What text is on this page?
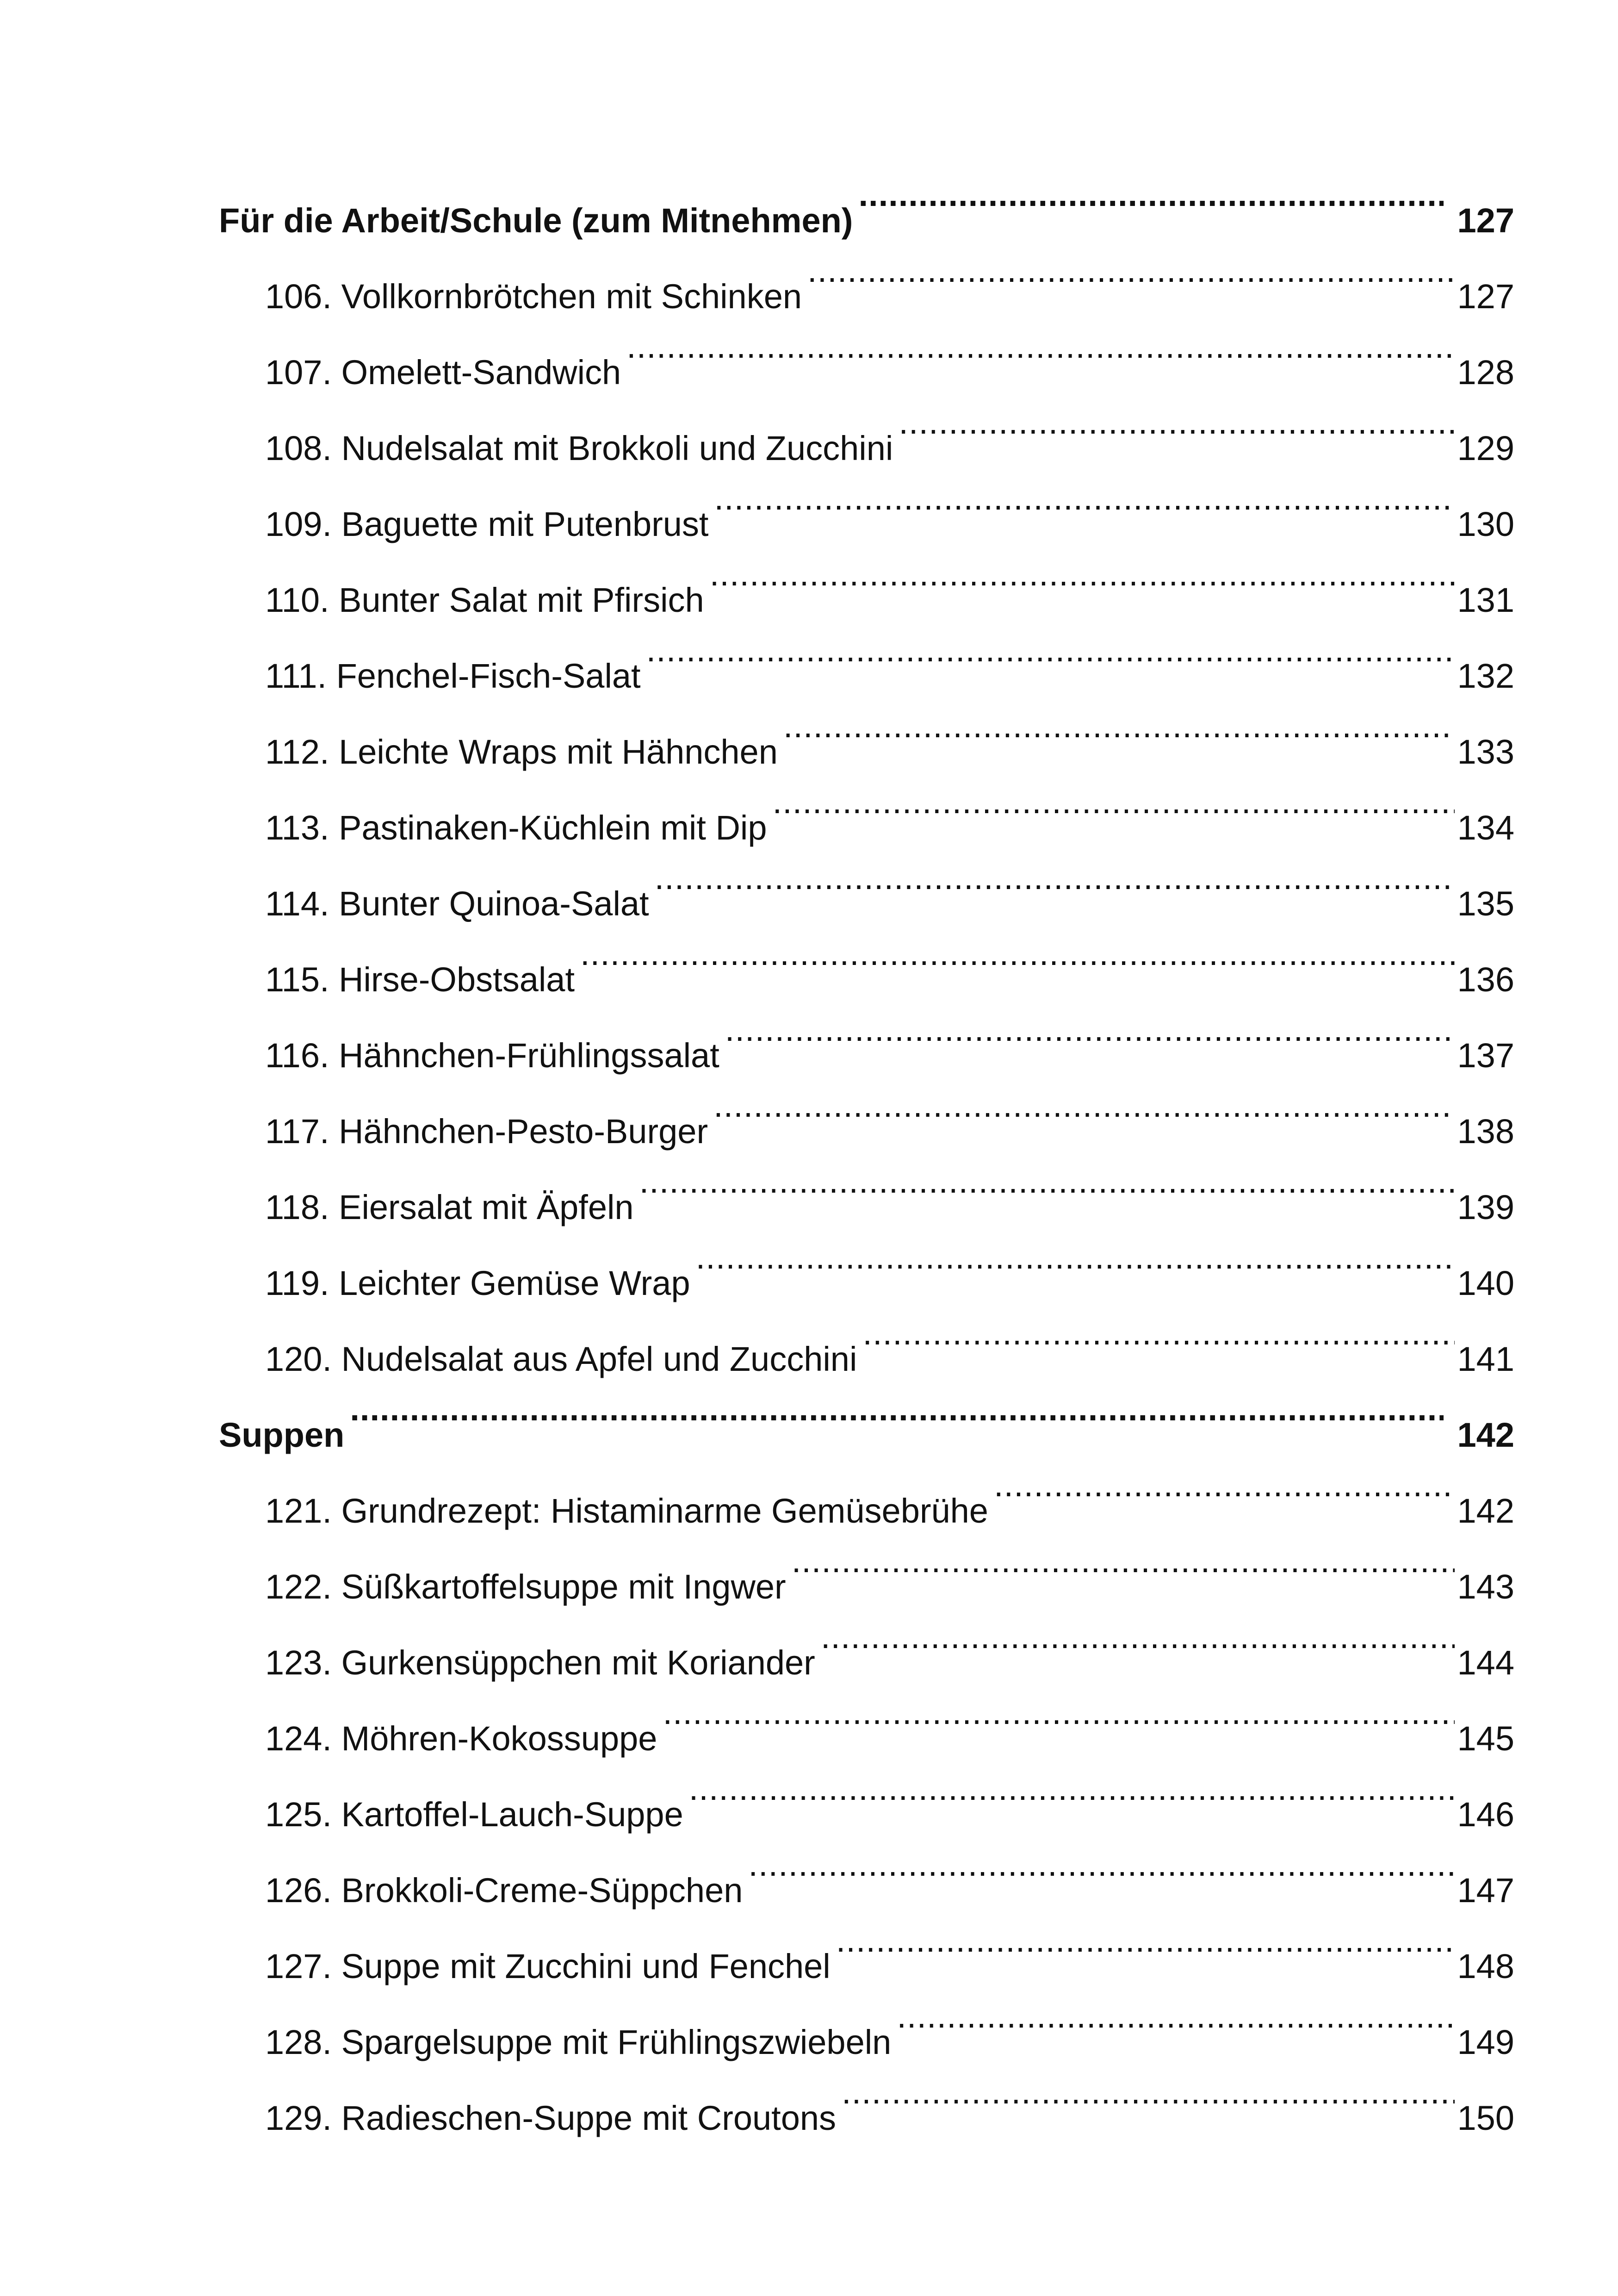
Für die Arbeit/Schule (zum Mitnehmen) .....	127
106. Vollkornbrötchen mit Schinken .....	127
107. Omelett-Sandwich .....	128
108. Nudelsalat mit Brokkoli und Zucchini .....	129
109. Baguette mit Putenbrust .....	130
110. Bunter Salat mit Pfirsich .....	131
111. Fenchel-Fisch-Salat .....	132
112. Leichte Wraps mit Hähnchen .....	133
113. Pastinaken-Küchlein mit Dip .....	134
114. Bunter Quinoa-Salat .....	135
115. Hirse-Obstsalat .....	136
116. Hähnchen-Frühlingssalat .....	137
117. Hähnchen-Pesto-Burger .....	138
118. Eiersalat mit Äpfeln .....	139
119. Leichter Gemüse Wrap .....	140
120. Nudelsalat aus Apfel und Zucchini .....	141
Suppen .....	142
121. Grundrezept: Histaminarme Gemüsebrühe .....	142
122. Süßkartoffelsuppe mit Ingwer .....	143
123. Gurkensüppchen mit Koriander .....	144
124. Möhren-Kokossuppe .....	145
125. Kartoffel-Lauch-Suppe .....	146
126. Brokkoli-Creme-Süppchen .....	147
127. Suppe mit Zucchini und Fenchel .....	148
128. Spargelsuppe mit Frühlingszwiebeln .....	149
129. Radieschen-Suppe mit Croutons .....	150
